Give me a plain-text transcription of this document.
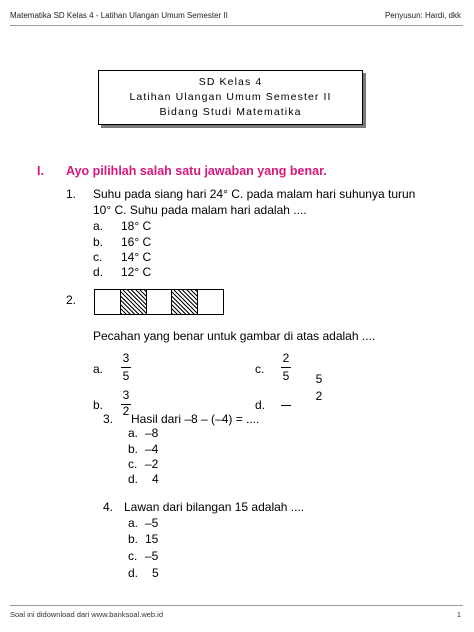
Matematika SD Kelas 4 - Latihan Ulangan Umum Semester II	Penyusun: Hardi, dkk
SD Kelas 4
Latihan Ulangan Umum Semester II
Bidang Studi Matematika
I. Ayo pilihlah salah satu jawaban yang benar.
1. Suhu pada siang hari 24° C. pada malam hari suhunya turun
10° C. Suhu pada malam hari adalah ....
a. 18° C
b. 16° C
c. 14° C
d. 12° C
2.
Pecahan yang benar untuk gambar di atas adalah ....
a.
3
5	c.
2
5
b.
3
2	d.
5
2
3. Hasil dari –8 – (–4) = ....
a. –8
b. –4
c. –2
d. 4
4. Lawan dari bilangan 15 adalah ....
a. –5
b. 15
c. –5
d. 5
Soal ini didownload dari www.banksoal.web.id	1
